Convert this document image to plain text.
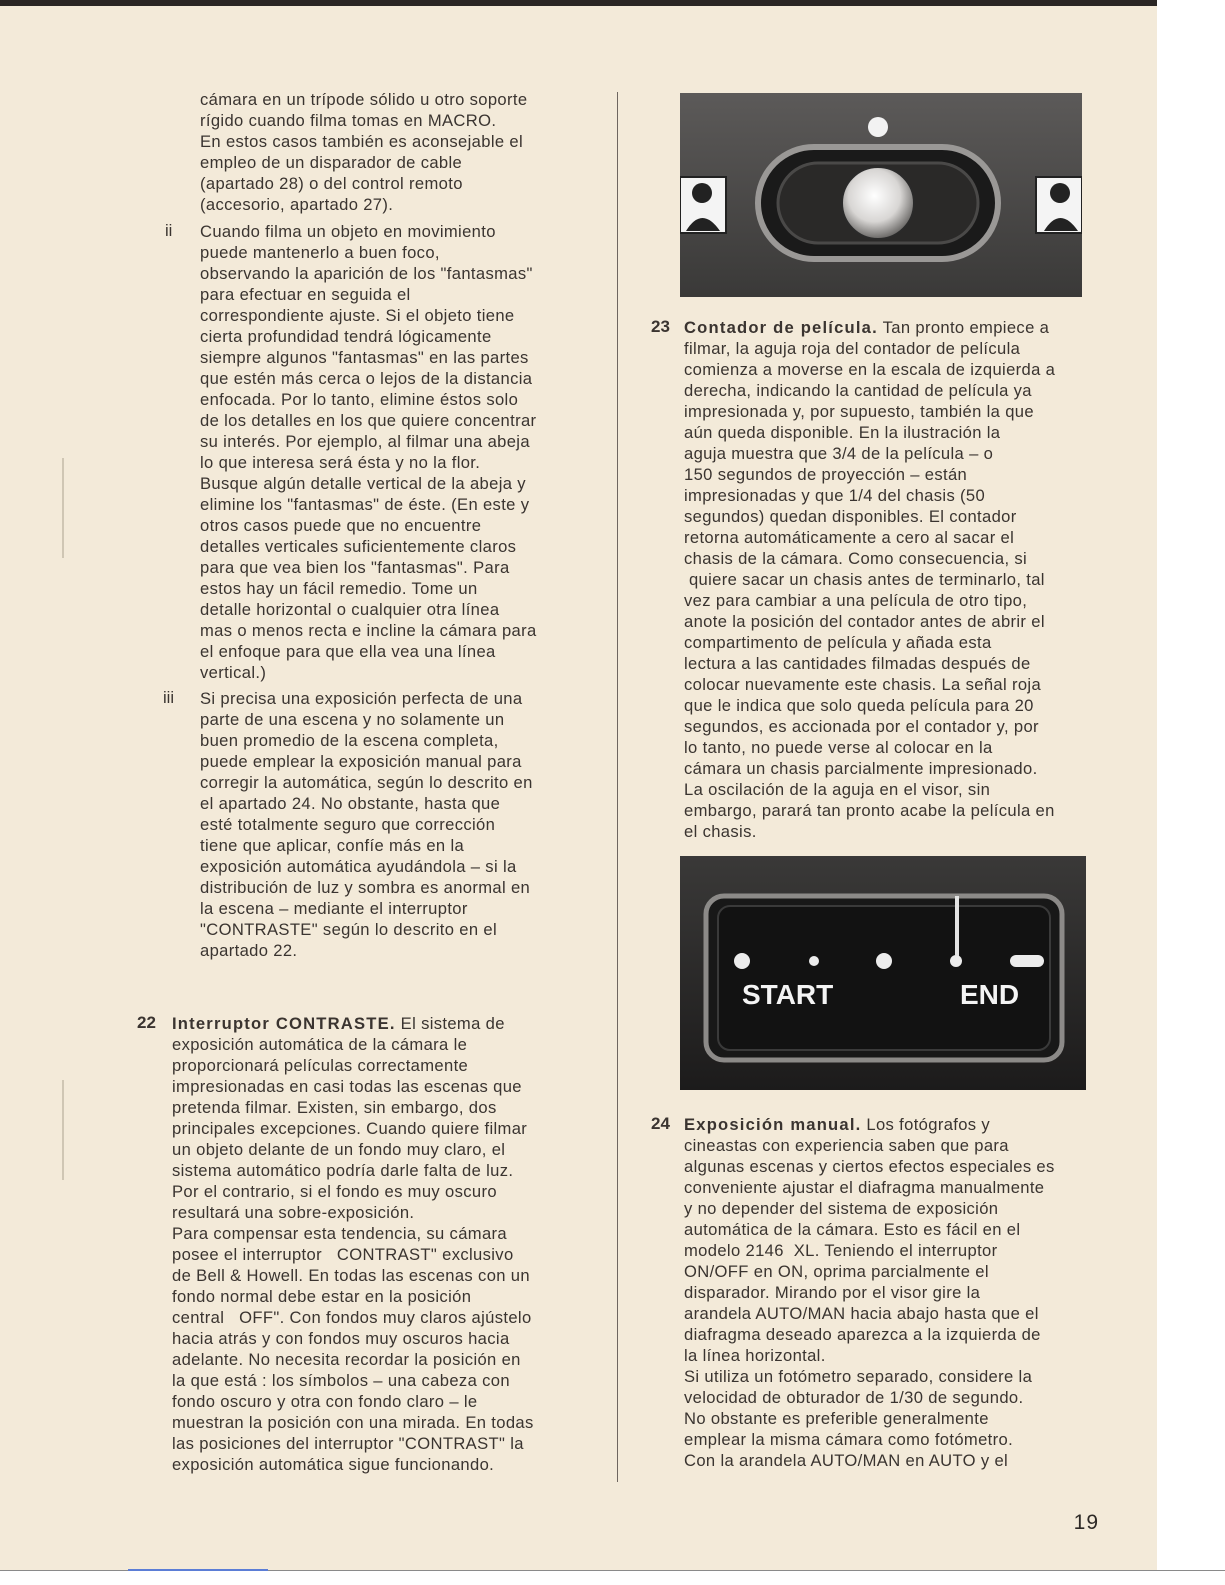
cámara en un trípode sólido u otro soporte

rígido cuando filma tomas en MACRO.

En estos casos también es aconsejable el

empleo de un disparador de cable

(apartado 28) o del control remoto

(accesorio, apartado 27).

ii Cuando filma un objeto en movimiento

puede mantenerlo a buen foco,

observando la aparición de los "fantasmas"

para efectuar en seguida el

correspondiente ajuste. Si el objeto tiene

cierta profundidad tendrá lógicamente

siempre algunos "fantasmas" en las partes

que estén más cerca o lejos de la distancia

enfocada. Por lo tanto, elimine éstos solo

de los detalles en los que quiere concentrar

su interés. Por ejemplo, al filmar una abeja

lo que interesa será ésta y no la flor.

Busque algún detalle vertical de la abeja y

elimine los "fantasmas" de éste. (En este y

otros casos puede que no encuentre

detalles verticales suficientemente claros

para que vea bien los "fantasmas". Para

estos hay un fácil remedio. Tome un

detalle horizontal o cualquier otra línea

mas o menos recta e incline la cámara para

el enfoque para que ella vea una línea

vertical.)

iii Si precisa una exposición perfecta de una

parte de una escena y no solamente un

buen promedio de la escena completa,

puede emplear la exposición manual para

corregir la automática, según lo descrito en

el apartado 24. No obstante, hasta que

esté totalmente seguro que corrección

tiene que aplicar, confíe más en la

exposición automática ayudándola – si la

distribución de luz y sombra es anormal en

la escena – mediante el interruptor

"CONTRASTE" según lo descrito en el

apartado 22.

22 Interruptor CONTRASTE. El sistema de

exposición automática de la cámara le

proporcionará películas correctamente

impresionadas en casi todas las escenas que

pretenda filmar. Existen, sin embargo, dos

principales excepciones. Cuando quiere filmar

un objeto delante de un fondo muy claro, el

sistema automático podría darle falta de luz.

Por el contrario, si el fondo es muy oscuro

resultará una sobre-exposición.

Para compensar esta tendencia, su cámara

posee el interruptor   CONTRAST" exclusivo

de Bell & Howell. En todas las escenas con un

fondo normal debe estar en la posición

central   OFF". Con fondos muy claros ajústelo

hacia atrás y con fondos muy oscuros hacia

adelante. No necesita recordar la posición en

la que está : los símbolos – una cabeza con

fondo oscuro y otra con fondo claro – le

muestran la posición con una mirada. En todas

las posiciones del interruptor "CONTRAST" la

exposición automática sigue funcionando.

23 Contador de película. Tan pronto empiece a

filmar, la aguja roja del contador de película

comienza a moverse en la escala de izquierda a

derecha, indicando la cantidad de película ya

impresionada y, por supuesto, también la que

aún queda disponible. En la ilustración la

aguja muestra que 3/4 de la película – o

150 segundos de proyección – están

impresionadas y que 1/4 del chasis (50

segundos) quedan disponibles. El contador

retorna automáticamente a cero al sacar el

chasis de la cámara. Como consecuencia, si

quiere sacar un chasis antes de terminarlo, tal

vez para cambiar a una película de otro tipo,

anote la posición del contador antes de abrir el

compartimento de película y añada esta

lectura a las cantidades filmadas después de

colocar nuevamente este chasis. La señal roja

que le indica que solo queda película para 20

segundos, es accionada por el contador y, por

lo tanto, no puede verse al colocar en la

cámara un chasis parcialmente impresionado.

La oscilación de la aguja en el visor, sin

embargo, parará tan pronto acabe la película en

el chasis.

START	END
24 Exposición manual. Los fotógrafos y

cineastas con experiencia saben que para

algunas escenas y ciertos efectos especiales es

conveniente ajustar el diafragma manualmente

y no depender del sistema de exposición

automática de la cámara. Esto es fácil en el

modelo 2146  XL. Teniendo el interruptor

ON/OFF en ON, oprima parcialmente el

disparador. Mirando por el visor gire la

arandela AUTO/MAN hacia abajo hasta que el

diafragma deseado aparezca a la izquierda de

la línea horizontal.

Si utiliza un fotómetro separado, considere la

velocidad de obturador de 1/30 de segundo.

No obstante es preferible generalmente

emplear la misma cámara como fotómetro.

Con la arandela AUTO/MAN en AUTO y el

19
